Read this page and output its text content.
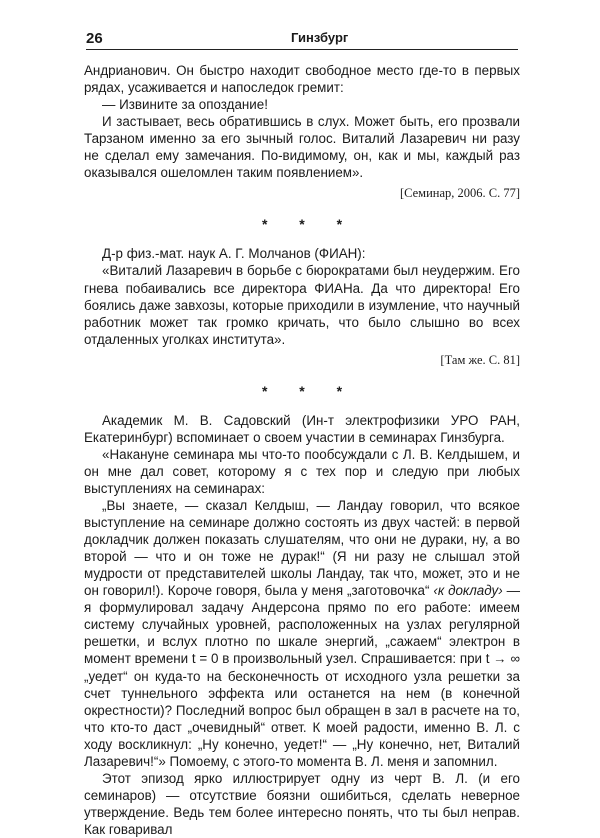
26	Гинзбург

Андрианович. Он быстро находит свободное место где-то в первых рядах, усаживается и напоследок гремит:

— Извините за опоздание!

И застывает, весь обратившись в слух. Может быть, его прозвали Тарзаном именно за его зычный голос. Виталий Лазаревич ни разу не сделал ему замечания. По-видимому, он, как и мы, каждый раз оказывался ошеломлен таким появлением».

[Семинар, 2006. С. 77]

* * *

Д-р физ.-мат. наук А. Г. Молчанов (ФИАН):

«Виталий Лазаревич в борьбе с бюрократами был неудержим. Его гнева побаивались все директора ФИАНа. Да что директора! Его боялись даже завхозы, которые приходили в изумление, что научный работник может так громко кричать, что было слышно во всех отдаленных уголках института».

[Там же. С. 81]

* * *

Академик М. В. Садовский (Ин-т электрофизики УРО РАН, Екатеринбург) вспоминает о своем участии в семинарах Гинзбурга.

«Накануне семинара мы что-то пообсуждали с Л. В. Келдышем, и он мне дал совет, которому я с тех пор и следую при любых выступлениях на семинарах:

„Вы знаете, — сказал Келдыш, — Ландау говорил, что всякое выступление на семинаре должно состоять из двух частей: в первой докладчик должен показать слушателям, что они не дураки, ну, а во второй — что и он тоже не дурак!“ (Я ни разу не слышал этой мудрости от представителей школы Ландау, так что, может, это и не он говорил!). Короче говоря, была у меня „заготовочка“ ‹к докладу› — я формулировал задачу Андерсона прямо по его работе: имеем систему случайных уровней, расположенных на узлах регулярной решетки, и вслух плотно по шкале энергий, „сажаем“ электрон в момент времени t = 0 в произвольный узел. Спрашивается: при t → ∞ „уедет“ он куда-то на бесконечность от исходного узла решетки за счет туннельного эффекта или останется на нем (в конечной окрестности)? Последний вопрос был обращен в зал в расчете на то, что кто-то даст „очевидный“ ответ. К моей радости, именно В. Л. с ходу воскликнул: „Ну конечно, уедет!“ — „Ну конечно, нет, Виталий Лазаревич!“» Помоему, с этого-то момента В. Л. меня и запомнил.

Этот эпизод ярко иллюстрирует одну из черт В. Л. (и его семинаров) — отсутствие боязни ошибиться, сделать неверное утверждение. Ведь тем более интересно понять, что ты был неправ. Как говаривал
